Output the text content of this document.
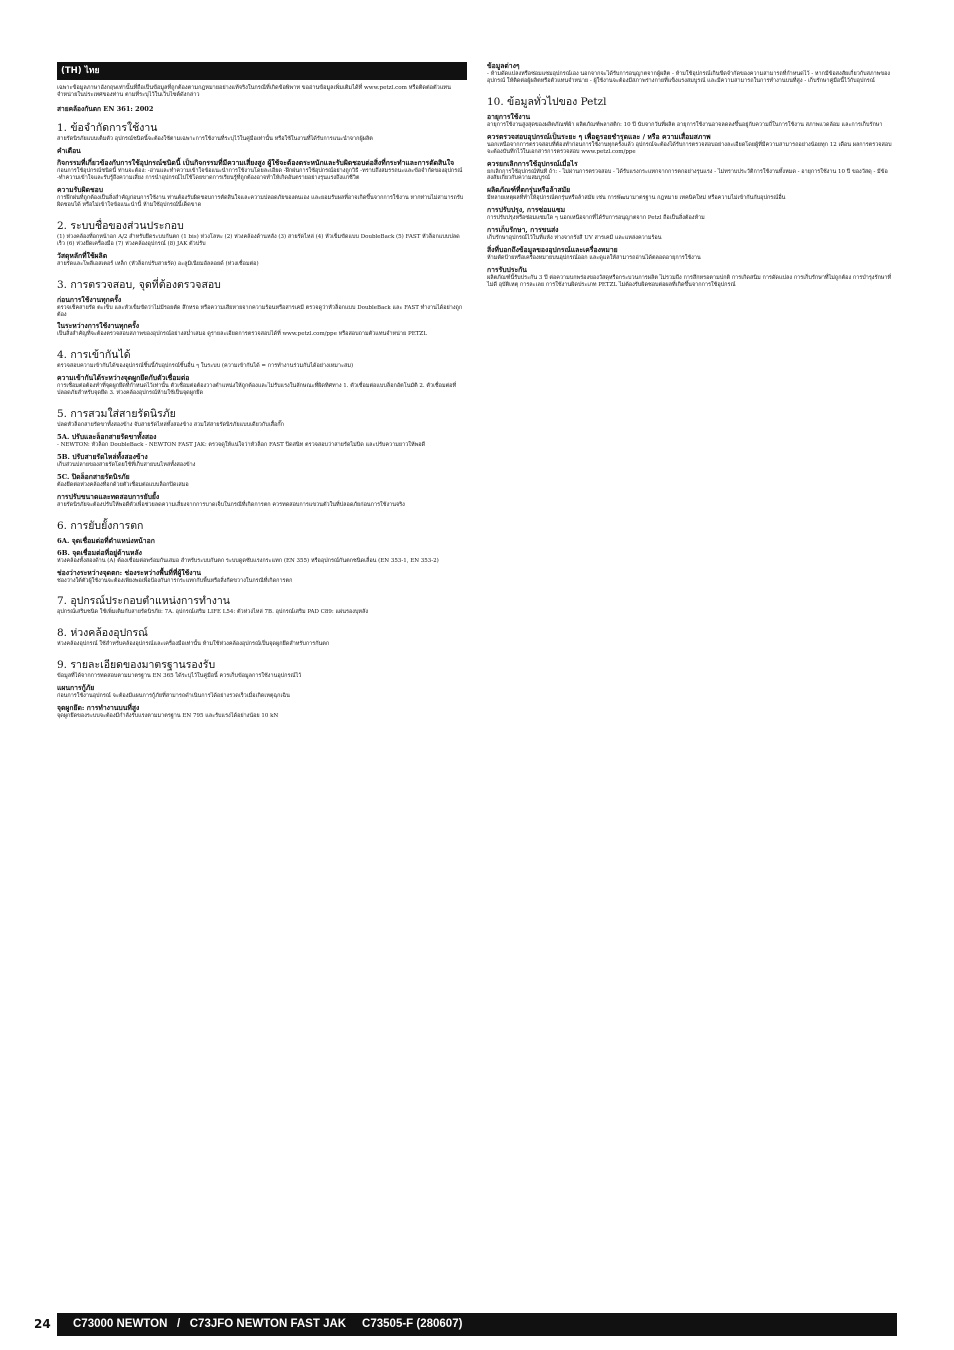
(TH) ไทย

เฉพาะข้อมูลภาษาอังกฤษเท่านั้นที่ถือเป็นข้อมูลที่ถูกต้องตามกฎหมายอย่างแท้จริงในกรณีที่เกิดข้อพิพาท ขออ่านข้อมูลเพิ่มเติมได้ที่ www.petzl.com หรือติดต่อตัวแทนจำหน่ายในประเทศของท่าน ตามที่ระบุไว้ในเว็บไซต์ดังกล่าว

สายคล้องกันตก EN 361: 2002
1. ข้อจำกัดการใช้งาน

สายรัดนิรภัยแบบเต็มตัว อุปกรณ์ชนิดนี้จะต้องใช้ตามเฉพาะการใช้งานที่ระบุไว้ในคู่มือเท่านั้น หรือใช้ในงานที่ได้รับการแนะนำจากผู้ผลิต

คำเตือน
กิจกรรมที่เกี่ยวข้องกับการใช้อุปกรณ์ชนิดนี้ เป็นกิจกรรมที่มีความเสี่ยงสูง ผู้ใช้จะต้องตระหนักและรับผิดชอบต่อสิ่งที่กระทำและการตัดสินใจ

ก่อนการใช้อุปกรณ์ชนิดนี้ ท่านจะต้อง: -อ่านและทำความเข้าใจข้อแนะนำการใช้งานโดยละเอียด -ฝึกฝนการใช้อุปกรณ์อย่างถูกวิธี -ทราบถึงสมรรถนะและข้อจำกัดของอุปกรณ์ -ทำความเข้าใจและรับรู้ถึงความเสี่ยง การนำอุปกรณ์ไปใช้โดยขาดการเรียนรู้ที่ถูกต้องอาจทำให้เกิดอันตรายอย่างรุนแรงถึงแก่ชีวิต

ความรับผิดชอบ

การฝึกฝนที่ถูกต้องเป็นสิ่งสำคัญก่อนการใช้งาน ท่านต้องรับผิดชอบการตัดสินใจและความปลอดภัยของตนเอง และยอมรับผลที่อาจเกิดขึ้นจากการใช้งาน หากท่านไม่สามารถรับผิดชอบได้ หรือไม่เข้าใจข้อแนะนำนี้ ห้ามใช้อุปกรณ์นี้เด็ดขาด

2. ระบบชื่อของส่วนประกอบ

(1) ห่วงคล้องที่อกหน้าอก A/2 สำหรับยึดระบบกันตก (1 bis) ห่วงโลหะ (2) ห่วงคล้องด้านหลัง (3) สายรัดไหล่ (4) หัวเข็มขัดแบบ DoubleBack (5) FAST หัวล็อกแบบปลดเร็ว (6) ห่วงยึดเครื่องมือ (7) ห่วงคล้องอุปกรณ์ (8) JAK ตัวปรับ

วัสดุหลักที่ใช้ผลิต

สายรัดและโพลีเอสเตอร์ เหล็ก (หัวล็อกปรับสายรัด) อะลูมิเนียมอัลลอยด์ (ห่วงเชื่อมต่อ)

3. การตรวจสอบ, จุดที่ต้องตรวจสอบ
ก่อนการใช้งานทุกครั้ง

ตรวจเช็คสายรัด ตะเข็บ และหัวเข็มขัดว่าไม่มีรอยตัด สึกหรอ หรือความเสียหายจากความร้อนหรือสารเคมี ตรวจดูว่าหัวล็อกแบบ DoubleBack และ FAST ทำงานได้อย่างถูกต้อง

ในระหว่างการใช้งานทุกครั้ง

เป็นสิ่งสำคัญที่จะต้องตรวจสอบสภาพของอุปกรณ์อย่างสม่ำเสมอ ดูรายละเอียดการตรวจสอบได้ที่ www.petzl.com/ppe หรือสอบถามตัวแทนจำหน่าย PETZL

4. การเข้ากันได้

ตรวจสอบความเข้ากันได้ของอุปกรณ์ชิ้นนี้กับอุปกรณ์ชิ้นอื่น ๆ ในระบบ (ความเข้ากันได้ = การทำงานร่วมกันได้อย่างเหมาะสม)

ความเข้ากันได้ระหว่างจุดผูกยึดกับตัวเชื่อมต่อ

การเชื่อมต่อต้องทำที่จุดผูกยึดที่กำหนดไว้เท่านั้น ตัวเชื่อมต่อต้องวางตำแหน่งให้ถูกต้องและไม่รับแรงในลักษณะที่ผิดทิศทาง 1. ตัวเชื่อมต่อแบบล็อกอัตโนมัติ 2. ตัวเชื่อมต่อที่ปลอดภัยสำหรับจุดยึด 3. ห่วงคล้องอุปกรณ์ห้ามใช้เป็นจุดผูกยึด

5. การสวมใส่สายรัดนิรภัย

ปลดหัวล็อกสายรัดขาทั้งสองข้าง จับสายรัดไหล่ทั้งสองข้าง สวมใส่สายรัดนิรภัยแบบเดียวกับเสื้อกั๊ก

5A. ปรับและล็อกสายรัดขาทั้งสอง

- NEWTON: หัวล็อก DoubleBack - NEWTON FAST JAK: ตรวจดูให้แน่ใจว่าหัวล็อก FAST ปิดสนิท ตรวจสอบว่าสายรัดไม่บิด และปรับความยาวให้พอดี

5B. ปรับสายรัดไหล่ทั้งสองข้าง

เก็บส่วนปลายของสายรัดโดยใช้ที่เก็บสายบนไหล่ทั้งสองข้าง

5C. ปิดล็อกสายรัดนิรภัย

ต้องยึดต่อห่วงคล้องที่อกด้วยตัวเชื่อมต่อแบบล็อกปิดเสมอ

การปรับขนาดและทดสอบการยับยั้ง

สายรัดนิรภัยจะต้องปรับให้พอดีตัวเพื่อช่วยลดความเสี่ยงจากการบาดเจ็บในกรณีที่เกิดการตก ควรทดสอบการแขวนตัวในที่ปลอดภัยก่อนการใช้งานจริง

6. การยับยั้งการตก
6A. จุดเชื่อมต่อที่ตำแหน่งหน้าอก
6B. จุดเชื่อมต่อที่อยู่ด้านหลัง

ห่วงคล้องทั้งสองด้าน (A) ต้องเชื่อมต่อพร้อมกันเสมอ สำหรับระบบกันตก ระบบดูดซับแรงกระแทก (EN 355) หรืออุปกรณ์กันตกชนิดเลื่อน (EN 353-1, EN 353-2)

ช่องว่างระหว่างจุดตก: ช่องระหว่างพื้นที่ที่ผู้ใช้งาน

ช่องว่างใต้ตัวผู้ใช้งานจะต้องเพียงพอเพื่อป้องกันการกระแทกกับพื้นหรือสิ่งกีดขวางในกรณีที่เกิดการตก

7. อุปกรณ์ประกอบตำแหน่งการทำงาน

อุปกรณ์เสริมชนิด ใช้เพิ่มเติมกับสายรัดนิรภัย: 7A. อุปกรณ์เสริม LIFE L54: ตัวห่วงไหล่ 7B. อุปกรณ์เสริม PAD C89: แผ่นรองบุหลัง

8. ห่วงคล้องอุปกรณ์

ห่วงคล้องอุปกรณ์ ใช้สำหรับคล้องอุปกรณ์และเครื่องมือเท่านั้น ห้ามใช้ห่วงคล้องอุปกรณ์เป็นจุดผูกยึดสำหรับการกันตก

9. รายละเอียดของมาตรฐานรองรับ

ข้อมูลที่ได้จากการทดสอบตามมาตรฐาน EN 365 ได้ระบุไว้ในคู่มือนี้ ควรเก็บข้อมูลการใช้งานอุปกรณ์ไว้

แผนการกู้ภัย

ก่อนการใช้งานอุปกรณ์ จะต้องมีแผนการกู้ภัยที่สามารถดำเนินการได้อย่างรวดเร็วเมื่อเกิดเหตุฉุกเฉิน

จุดผูกยึด: การทำงานบนที่สูง

จุดผูกยึดของระบบจะต้องมีกำลังรับแรงตามมาตรฐาน EN 795 และรับแรงได้อย่างน้อย 10 kN

ข้อมูลต่างๆ

- ห้ามดัดแปลงหรือซ่อมแซมอุปกรณ์เอง นอกจากจะได้รับการอนุญาตจากผู้ผลิต - ห้ามใช้อุปกรณ์เกินขีดจำกัดของความสามารถที่กำหนดไว้ - หากมีข้อสงสัยเกี่ยวกับสภาพของอุปกรณ์ ให้ติดต่อผู้ผลิตหรือตัวแทนจำหน่าย - ผู้ใช้งานจะต้องมีสภาพร่างกายที่แข็งแรงสมบูรณ์ และมีความสามารถในการทำงานบนที่สูง - เก็บรักษาคู่มือนี้ไว้กับอุปกรณ์

10. ข้อมูลทั่วไปของ Petzl
อายุการใช้งาน

อายุการใช้งานสูงสุดของผลิตภัณฑ์ผ้า ผลิตภัณฑ์พลาสติก: 10 ปี นับจากวันที่ผลิต อายุการใช้งานอาจลดลงขึ้นอยู่กับความถี่ในการใช้งาน สภาพแวดล้อม และการเก็บรักษา

ควรตรวจสอบอุปกรณ์เป็นระยะ ๆ เพื่อดูรอยชำรุดและ / หรือ ความเสื่อมสภาพ

นอกเหนือจากการตรวจสอบที่ต้องทำก่อนการใช้งานทุกครั้งแล้ว อุปกรณ์จะต้องได้รับการตรวจสอบอย่างละเอียดโดยผู้ที่มีความสามารถอย่างน้อยทุก 12 เดือน ผลการตรวจสอบจะต้องบันทึกไว้ในเอกสารการตรวจสอบ www.petzl.com/ppe

ควรยกเลิกการใช้อุปกรณ์เมื่อไร

ยกเลิกการใช้อุปกรณ์ทันที ถ้า: - ไม่ผ่านการตรวจสอบ - ได้รับแรงกระแทกจากการตกอย่างรุนแรง - ไม่ทราบประวัติการใช้งานทั้งหมด - อายุการใช้งาน 10 ปี ของวัสดุ - มีข้อสงสัยเกี่ยวกับความสมบูรณ์

ผลิตภัณฑ์ที่ตกรุ่นหรือล้าสมัย

มีหลายเหตุผลที่ทำให้อุปกรณ์ตกรุ่นหรือล้าสมัย เช่น การพัฒนามาตรฐาน กฎหมาย เทคนิคใหม่ หรือความไม่เข้ากันกับอุปกรณ์อื่น

การปรับปรุง, การซ่อมแซม

การปรับปรุงหรือซ่อมแซมใด ๆ นอกเหนือจากที่ได้รับการอนุญาตจาก Petzl ถือเป็นสิ่งต้องห้าม

การเก็บรักษา, การขนส่ง

เก็บรักษาอุปกรณ์ไว้ในที่แห้ง ห่างจากรังสี UV สารเคมี และแหล่งความร้อน

สิ่งที่บอกถึงข้อมูลของอุปกรณ์และเครื่องหมาย

ห้ามตัดป้ายหรือเครื่องหมายบนอุปกรณ์ออก และดูแลให้สามารถอ่านได้ตลอดอายุการใช้งาน

การรับประกัน

ผลิตภัณฑ์นี้รับประกัน 3 ปี ต่อความบกพร่องของวัสดุหรือกระบวนการผลิต ไม่รวมถึง การสึกหรอตามปกติ การเกิดสนิม การดัดแปลง การเก็บรักษาที่ไม่ถูกต้อง การบำรุงรักษาที่ไม่ดี อุบัติเหตุ การละเลย การใช้งานผิดประเภท PETZL ไม่ต้องรับผิดชอบต่อผลที่เกิดขึ้นจากการใช้อุปกรณ์

24	C73000 NEWTON   /   C73JFO NEWTON FAST JAK     C73505-F (280607)
